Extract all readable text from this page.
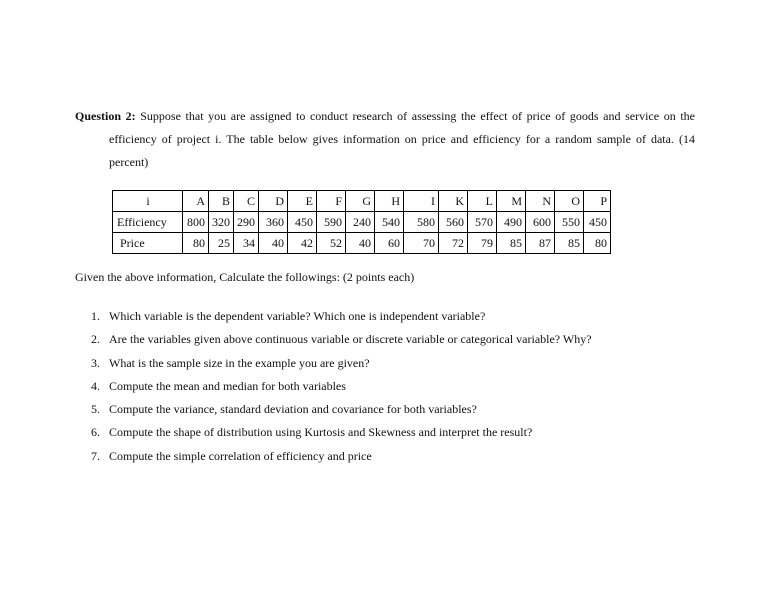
Question 2: Suppose that you are assigned to conduct research of assessing the effect of price of goods and service on the
efficiency of project i. The table below gives information on price and efficiency for a random sample of data. (14
percent)
i	A	B	C	D	E	F	G	H	I	K	L	M	N	O	P
Efficiency	800	320	290	360	450	590	240	540	580	560	570	490	600	550	450
Price	80	25	34	40	42	52	40	60	70	72	79	85	87	85	80
Given the above information, Calculate the followings: (2 points each)
1. Which variable is the dependent variable? Which one is independent variable?
2. Are the variables given above continuous variable or discrete variable or categorical variable? Why?
3. What is the sample size in the example you are given?
4. Compute the mean and median for both variables
5. Compute the variance, standard deviation and covariance for both variables?
6. Compute the shape of distribution using Kurtosis and Skewness and interpret the result?
7. Compute the simple correlation of efficiency and price
